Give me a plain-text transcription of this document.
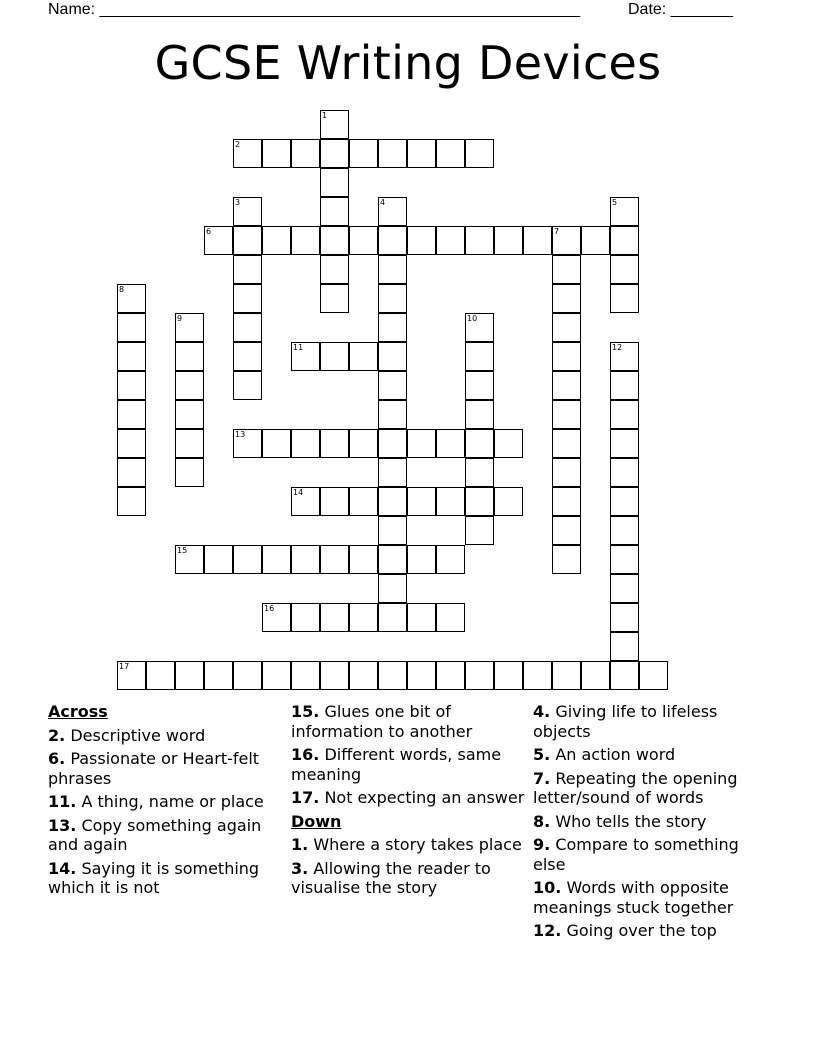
Name: ______________________________________________________	Date: _______
GCSE Writing Devices
1
2
3	4	5
6	7
8
9	10
11	12
13
14
15
16
17
Across
2. Descriptive word
6. Passionate or Heart-felt phrases
11. A thing, name or place
13. Copy something again and again
14. Saying it is something which it is not
15. Glues one bit of information to another
16. Different words, same meaning
17. Not expecting an answer
Down
1. Where a story takes place
3. Allowing the reader to visualise the story
4. Giving life to lifeless objects
5. An action word
7. Repeating the opening letter/sound of words
8. Who tells the story
9. Compare to something else
10. Words with opposite meanings stuck together
12. Going over the top
